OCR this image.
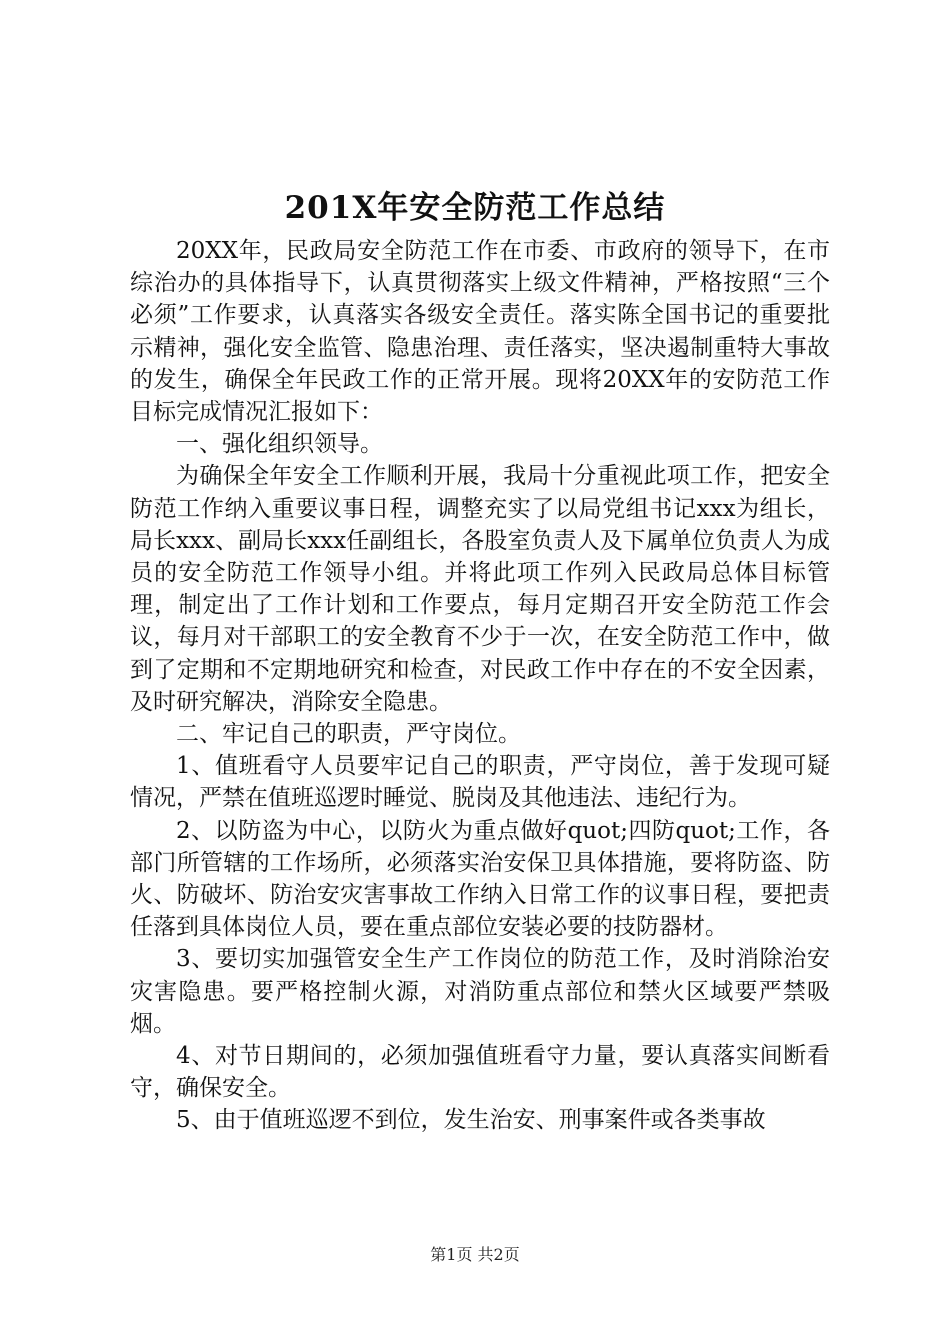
201X年安全防范工作总结

20XX年，民政局安全防范工作在市委、市政府的领导下，在市综治办的具体指导下，认真贯彻落实上级文件精神，严格按照“三个必须”工作要求，认真落实各级安全责任。落实陈全国书记的重要批示精神，强化安全监管、隐患治理、责任落实，坚决遏制重特大事故的发生，确保全年民政工作的正常开展。现将20XX年的安防范工作目标完成情况汇报如下：

一、强化组织领导。

为确保全年安全工作顺利开展，我局十分重视此项工作，把安全防范工作纳入重要议事日程，调整充实了以局党组书记xxx为组长，局长xxx、副局长xxx任副组长，各股室负责人及下属单位负责人为成员的安全防范工作领导小组。并将此项工作列入民政局总体目标管理，制定出了工作计划和工作要点，每月定期召开安全防范工作会议，每月对干部职工的安全教育不少于一次，在安全防范工作中，做到了定期和不定期地研究和检查，对民政工作中存在的不安全因素，及时研究解决，消除安全隐患。

二、牢记自己的职责，严守岗位。

1、值班看守人员要牢记自己的职责，严守岗位，善于发现可疑情况，严禁在值班巡逻时睡觉、脱岗及其他违法、违纪行为。

2、以防盗为中心，以防火为重点做好quot;四防quot;工作，各部门所管辖的工作场所，必须落实治安保卫具体措施，要将防盗、防火、防破坏、防治安灾害事故工作纳入日常工作的议事日程，要把责任落到具体岗位人员，要在重点部位安装必要的技防器材。

3、要切实加强管安全生产工作岗位的防范工作，及时消除治安灾害隐患。要严格控制火源，对消防重点部位和禁火区域要严禁吸烟。

4、对节日期间的，必须加强值班看守力量，要认真落实间断看守，确保安全。

5、由于值班巡逻不到位，发生治安、刑事案件或各类事故

第1页 共2页
